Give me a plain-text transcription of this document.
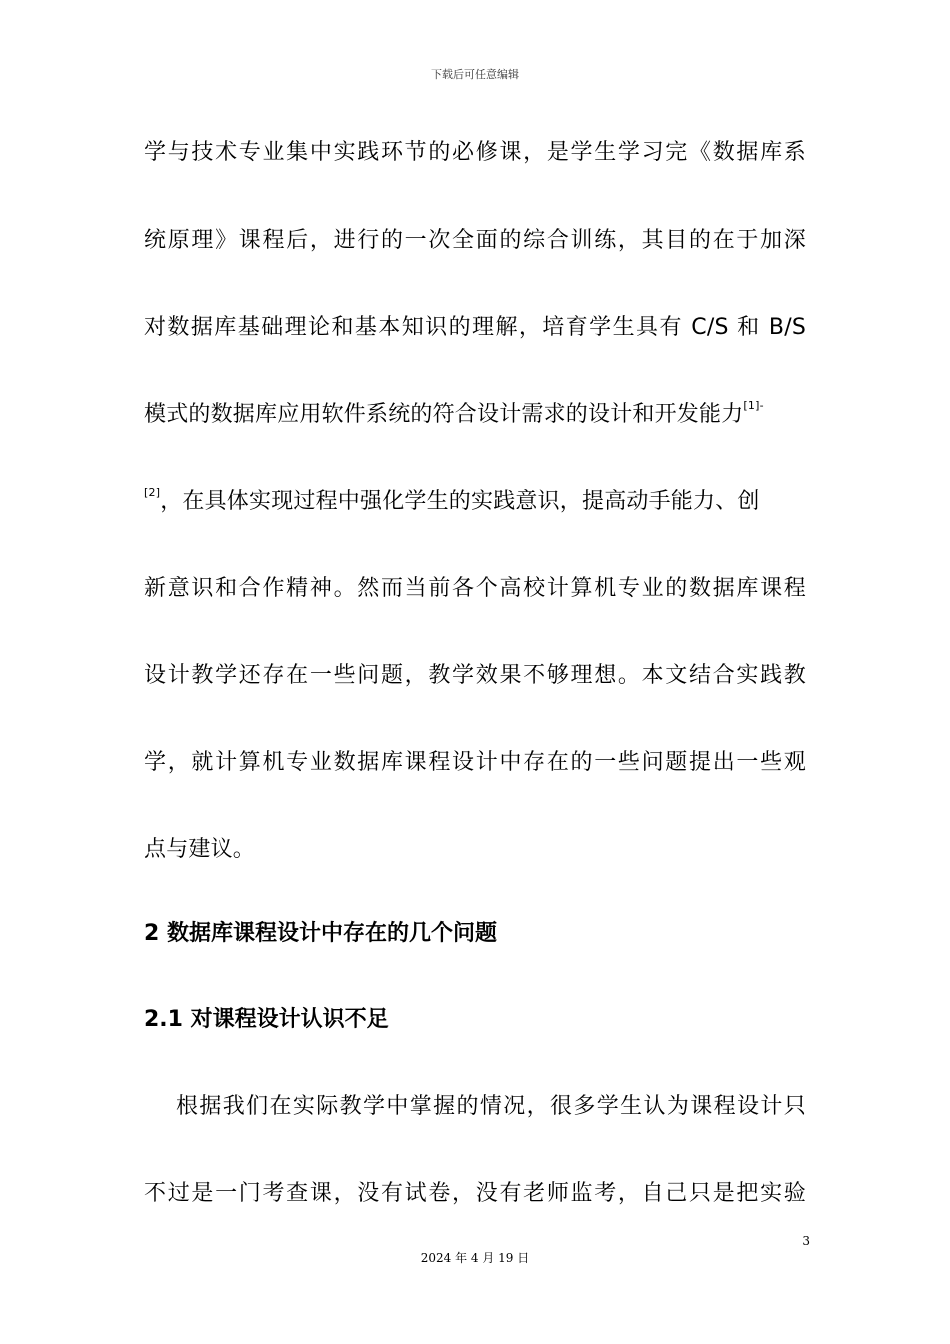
下载后可任意编辑
学与技术专业集中实践环节的必修课，是学生学习完《数据库系
统原理》课程后，进行的一次全面的综合训练，其目的在于加深
对数据库基础理论和基本知识的理解，培育学生具有 C/S 和 B/S
模式的数据库应用软件系统的符合设计需求的设计和开发能力$^{[1]-}$
[2]，在具体实现过程中强化学生的实践意识，提高动手能力、创
新意识和合作精神。然而当前各个高校计算机专业的数据库课程
设计教学还存在一些问题，教学效果不够理想。本文结合实践教
学，就计算机专业数据库课程设计中存在的一些问题提出一些观
点与建议。
2 数据库课程设计中存在的几个问题
2.1 对课程设计认识不足
根据我们在实际教学中掌握的情况，很多学生认为课程设计只
不过是一门考查课，没有试卷，没有老师监考，自己只是把实验
3
2024 年 4 月 19 日
